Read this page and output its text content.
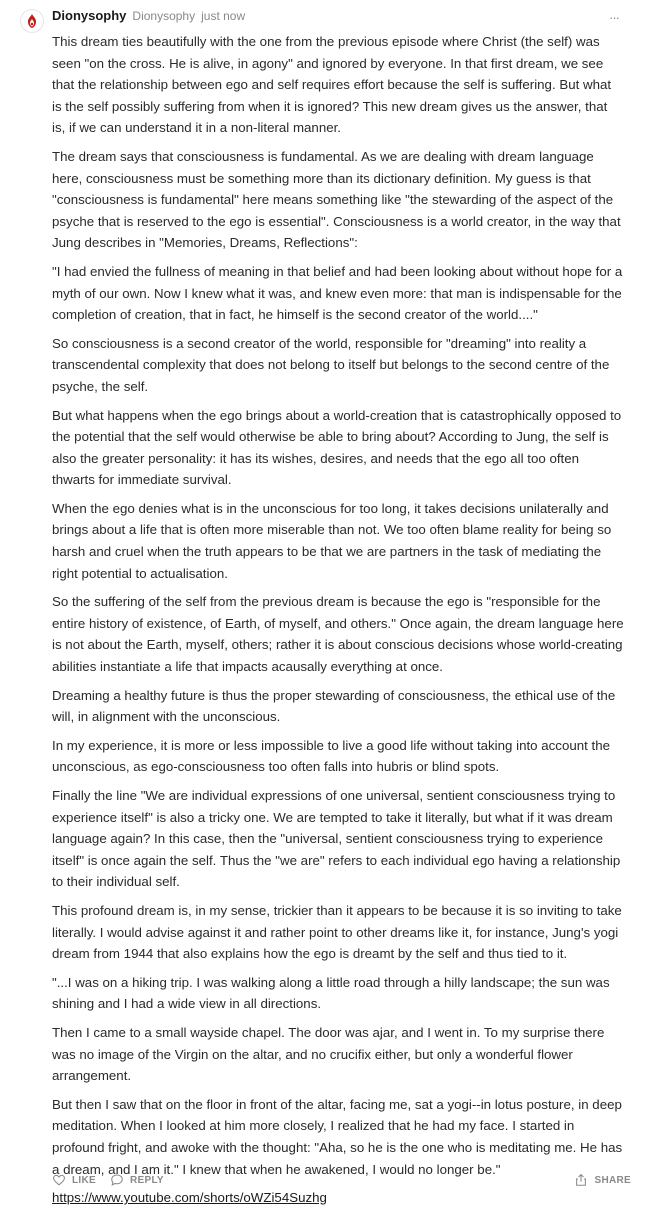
Dionysophy Dionysophy just now	···

This dream ties beautifully with the one from the previous episode where Christ (the self) was seen "on the cross. He is alive, in agony" and ignored by everyone. In that first dream, we see that the relationship between ego and self requires effort because the self is suffering. But what is the self possibly suffering from when it is ignored? This new dream gives us the answer, that is, if we can understand it in a non-literal manner.

The dream says that consciousness is fundamental. As we are dealing with dream language here, consciousness must be something more than its dictionary definition. My guess is that "consciousness is fundamental" here means something like "the stewarding of the aspect of the psyche that is reserved to the ego is essential". Consciousness is a world creator, in the way that Jung describes in "Memories, Dreams, Reflections":

"I had envied the fullness of meaning in that belief and had been looking about without hope for a myth of our own. Now I knew what it was, and knew even more: that man is indispensable for the completion of creation, that in fact, he himself is the second creator of the world...."

So consciousness is a second creator of the world, responsible for "dreaming" into reality a transcendental complexity that does not belong to itself but belongs to the second centre of the psyche, the self.

But what happens when the ego brings about a world-creation that is catastrophically opposed to the potential that the self would otherwise be able to bring about? According to Jung, the self is also the greater personality: it has its wishes, desires, and needs that the ego all too often thwarts for immediate survival.

When the ego denies what is in the unconscious for too long, it takes decisions unilaterally and brings about a life that is often more miserable than not. We too often blame reality for being so harsh and cruel when the truth appears to be that we are partners in the task of mediating the right potential to actualisation.

So the suffering of the self from the previous dream is because the ego is "responsible for the entire history of existence, of Earth, of myself, and others." Once again, the dream language here is not about the Earth, myself, others; rather it is about conscious decisions whose world-creating abilities instantiate a life that impacts acausally everything at once.

Dreaming a healthy future is thus the proper stewarding of consciousness, the ethical use of the will, in alignment with the unconscious.

In my experience, it is more or less impossible to live a good life without taking into account the unconscious, as ego-consciousness too often falls into hubris or blind spots.

Finally the line "We are individual expressions of one universal, sentient consciousness trying to experience itself" is also a tricky one. We are tempted to take it literally, but what if it was dream language again? In this case, then the "universal, sentient consciousness trying to experience itself" is once again the self. Thus the "we are" refers to each individual ego having a relationship to their individual self.

This profound dream is, in my sense, trickier than it appears to be because it is so inviting to take literally. I would advise against it and rather point to other dreams like it, for instance, Jung's yogi dream from 1944 that also explains how the ego is dreamt by the self and thus tied to it.

"...I was on a hiking trip. I was walking along a little road through a hilly landscape; the sun was shining and I had a wide view in all directions.

Then I came to a small wayside chapel. The door was ajar, and I went in. To my surprise there was no image of the Virgin on the altar, and no crucifix either, but only a wonderful flower arrangement.

But then I saw that on the floor in front of the altar, facing me, sat a yogi--in lotus posture, in deep meditation. When I looked at him more closely, I realized that he had my face. I started in profound fright, and awoke with the thought: "Aha, so he is the one who is meditating me. He has a dream, and I am it." I knew that when he awakened, I would no longer be."

https://www.youtube.com/shorts/oWZi54Suzhg

LIKE	REPLY	SHARE
